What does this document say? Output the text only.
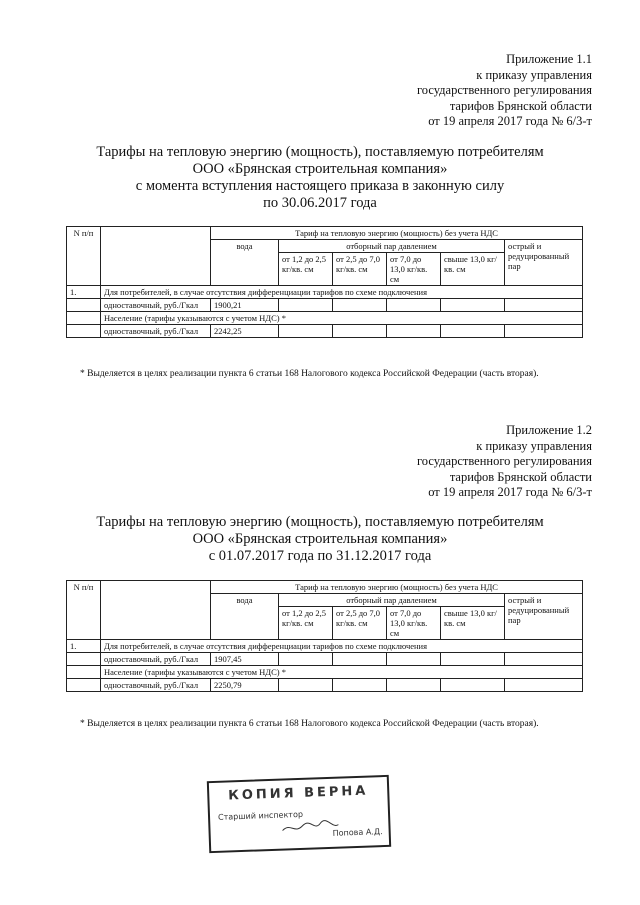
Приложение 1.1
к приказу управления
государственного регулирования
тарифов Брянской области
от 19 апреля 2017 года № 6/3-т
Тарифы на тепловую энергию (мощность), поставляемую потребителям
ООО «Брянская строительная компания»
с момента вступления настоящего приказа в законную силу
по 30.06.2017 года
N п/п		Тариф на тепловую энергию (мощность) без учета НДС					
		вода	отборный пар давлением				острый и редуцированный пар
			от 1,2 до 2,5 кг/кв. см	от 2,5 до 7,0 кг/кв. см	от 7,0 до 13,0 кг/кв. см	свыше 13,0 кг/кв. см	
1.	Для потребителей, в случае отсутствия дифференциации тарифов по схеме подключения						
	одноставочный, руб./Гкал	1900,21					
	Население (тарифы указываются с учетом НДС) *						
	одноставочный, руб./Гкал	2242,25					
* Выделяется в целях реализации пункта 6 статьи 168 Налогового кодекса Российской Федерации (часть вторая).
Приложение 1.2
к приказу управления
государственного регулирования
тарифов Брянской области
от 19 апреля 2017 года № 6/3-т
Тарифы на тепловую энергию (мощность), поставляемую потребителям
ООО «Брянская строительная компания»
с 01.07.2017 года по 31.12.2017 года
N п/п		Тариф на тепловую энергию (мощность) без учета НДС					
		вода	отборный пар давлением				острый и редуцированный пар
			от 1,2 до 2,5 кг/кв. см	от 2,5 до 7,0 кг/кв. см	от 7,0 до 13,0 кг/кв. см	свыше 13,0 кг/кв. см	
1.	Для потребителей, в случае отсутствия дифференциации тарифов по схеме подключения						
	одноставочный, руб./Гкал	1907,45					
	Население (тарифы указываются с учетом НДС) *						
	одноставочный, руб./Гкал	2250,79					
* Выделяется в целях реализации пункта 6 статьи 168 Налогового кодекса Российской Федерации (часть вторая).
КОПИЯ ВЕРНА
Старший инспектор
Попова А.Д.
